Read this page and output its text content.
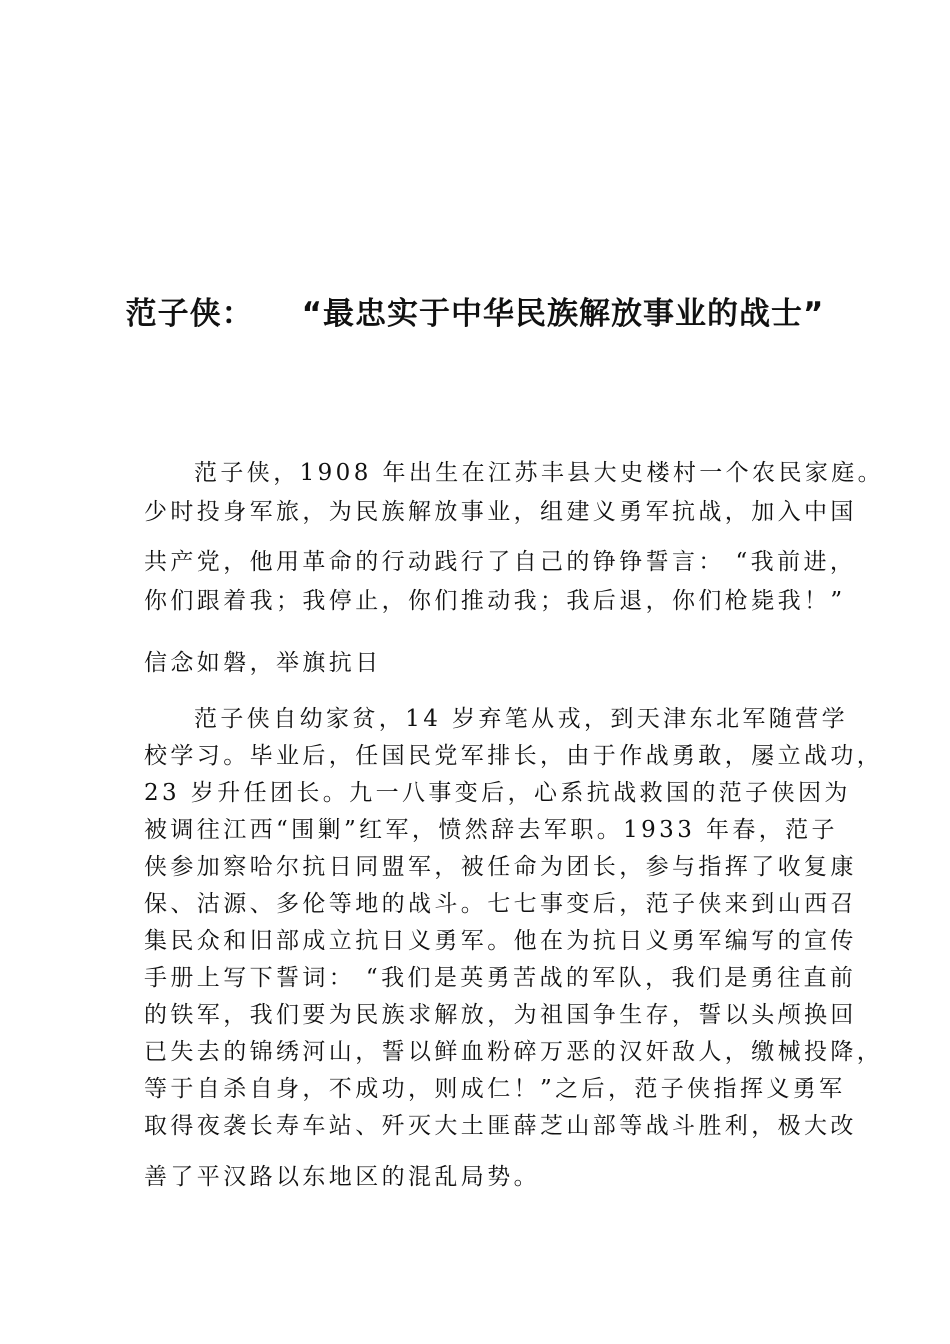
范子侠： “最忠实于中华民族解放事业的战士”
范子侠，1908 年出生在江苏丰县大史楼村一个农民家庭。
少时投身军旅，为民族解放事业，组建义勇军抗战，加入中国
共产党，他用革命的行动践行了自己的铮铮誓言： “我前进，
你们跟着我；我停止，你们推动我；我后退，你们枪毙我！”
信念如磐，举旗抗日
范子侠自幼家贫，14 岁弃笔从戎，到天津东北军随营学
校学习。毕业后，任国民党军排长，由于作战勇敢，屡立战功，
23 岁升任团长。九一八事变后，心系抗战救国的范子侠因为
被调往江西“围剿”红军，愤然辞去军职。1933 年春，范子
侠参加察哈尔抗日同盟军，被任命为团长，参与指挥了收复康
保、沽源、多伦等地的战斗。七七事变后，范子侠来到山西召
集民众和旧部成立抗日义勇军。他在为抗日义勇军编写的宣传
手册上写下誓词： “我们是英勇苦战的军队，我们是勇往直前
的铁军，我们要为民族求解放，为祖国争生存，誓以头颅换回
已失去的锦绣河山，誓以鲜血粉碎万恶的汉奸敌人，缴械投降，
等于自杀自身，不成功，则成仁！”之后，范子侠指挥义勇军
取得夜袭长寿车站、歼灭大土匪薛芝山部等战斗胜利，极大改
善了平汉路以东地区的混乱局势。
